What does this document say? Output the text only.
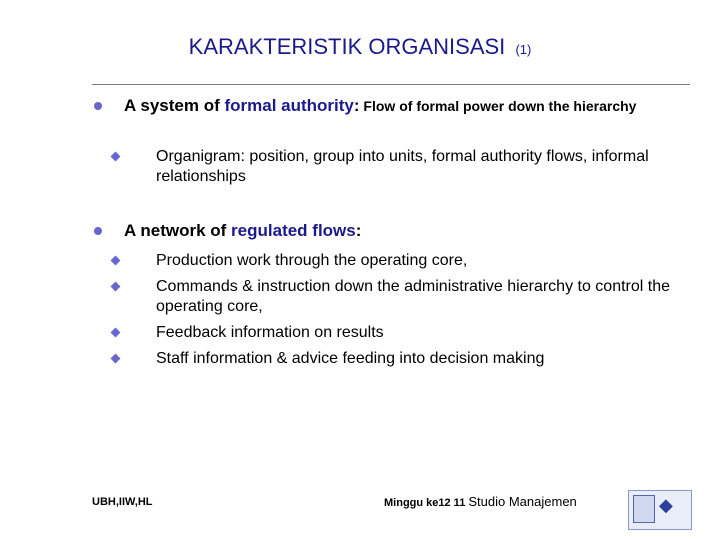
KARAKTERISTIK ORGANISASI (1)
A system of formal authority: Flow of formal power down the hierarchy
Organigram: position, group into units, formal authority flows, informal relationships
A network of regulated flows:
Production work through the operating core,
Commands & instruction down the administrative hierarchy to control the operating core,
Feedback information on results
Staff information & advice feeding into decision making
UBH,IIW,HL	Minggu ke12 11 Studio Manajemen	◆
